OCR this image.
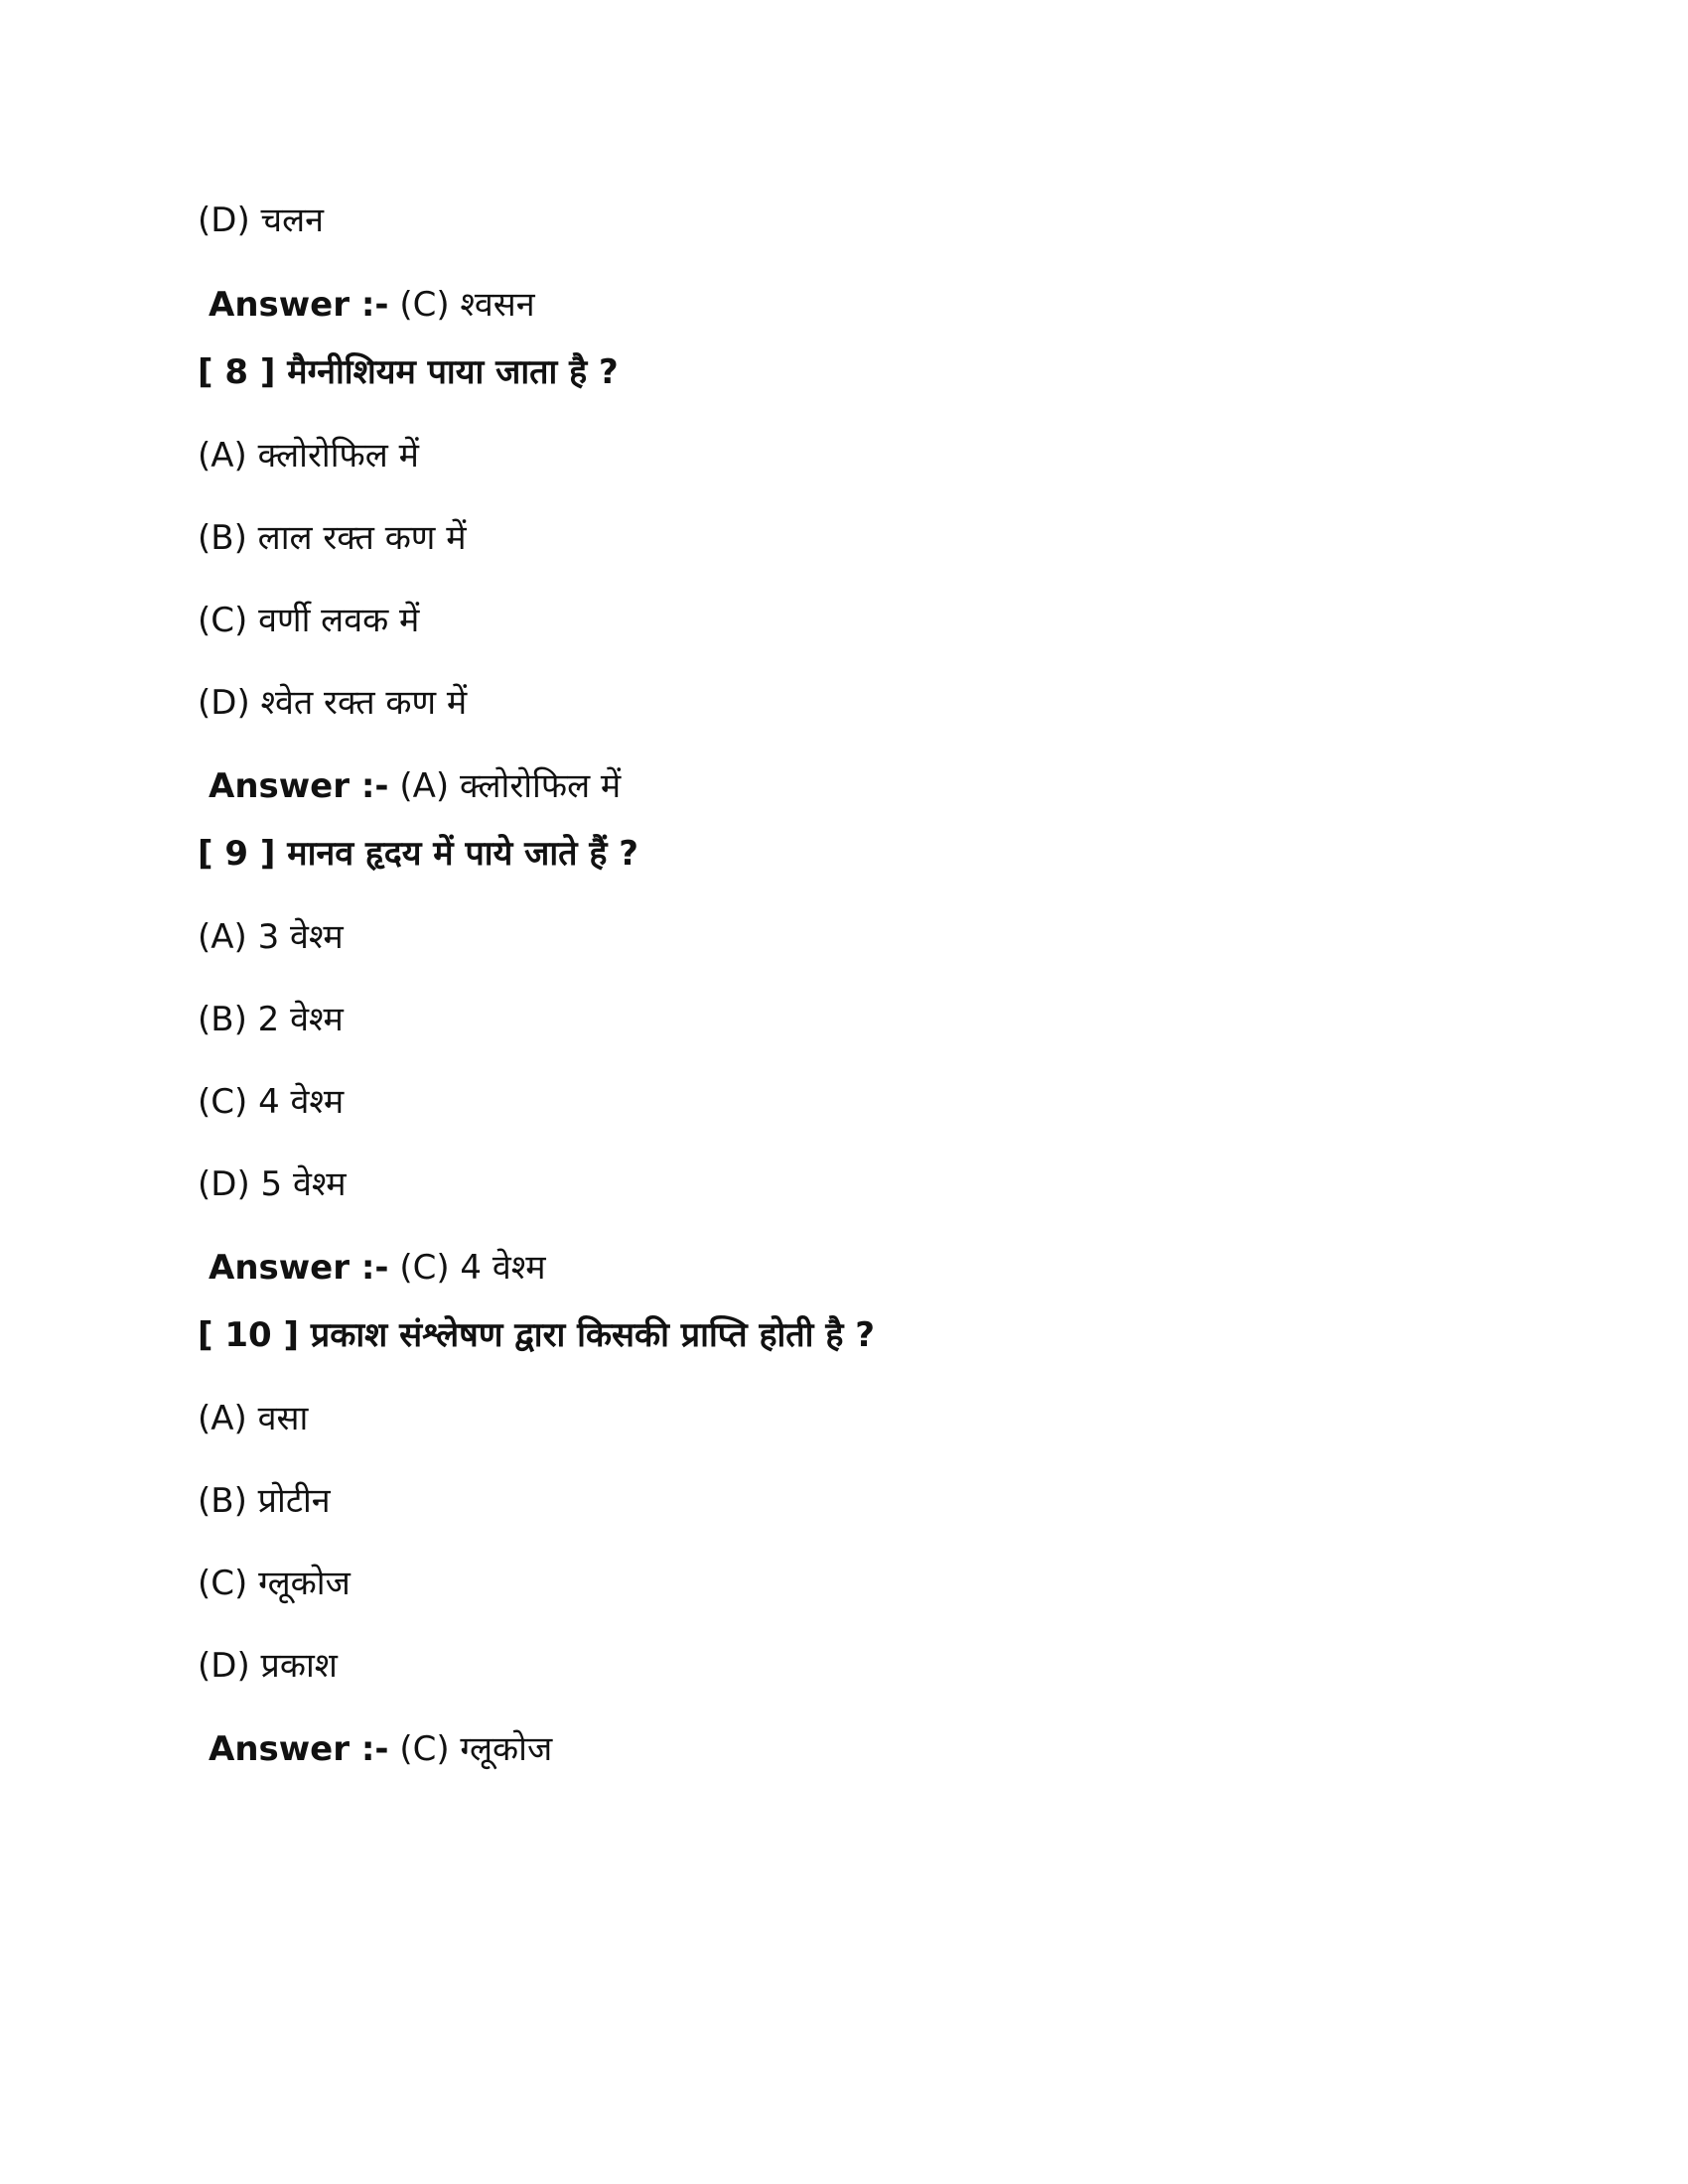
(D) चलन
Answer :- (C) श्वसन
[ 8 ] मैग्नीशियम पाया जाता है ?
(A) क्लोरोफिल में
(B) लाल रक्त कण में
(C) वर्णी लवक में
(D) श्वेत रक्त कण में
Answer :- (A) क्लोरोफिल में
[ 9 ] मानव हृदय में पाये जाते हैं ?
(A) 3 वेश्म
(B) 2 वेश्म
(C) 4 वेश्म
(D) 5 वेश्म
Answer :- (C) 4 वेश्म
[ 10 ] प्रकाश संश्लेषण द्वारा किसकी प्राप्ति होती है ?
(A) वसा
(B) प्रोटीन
(C) ग्लूकोज
(D) प्रकाश
Answer :- (C) ग्लूकोज
